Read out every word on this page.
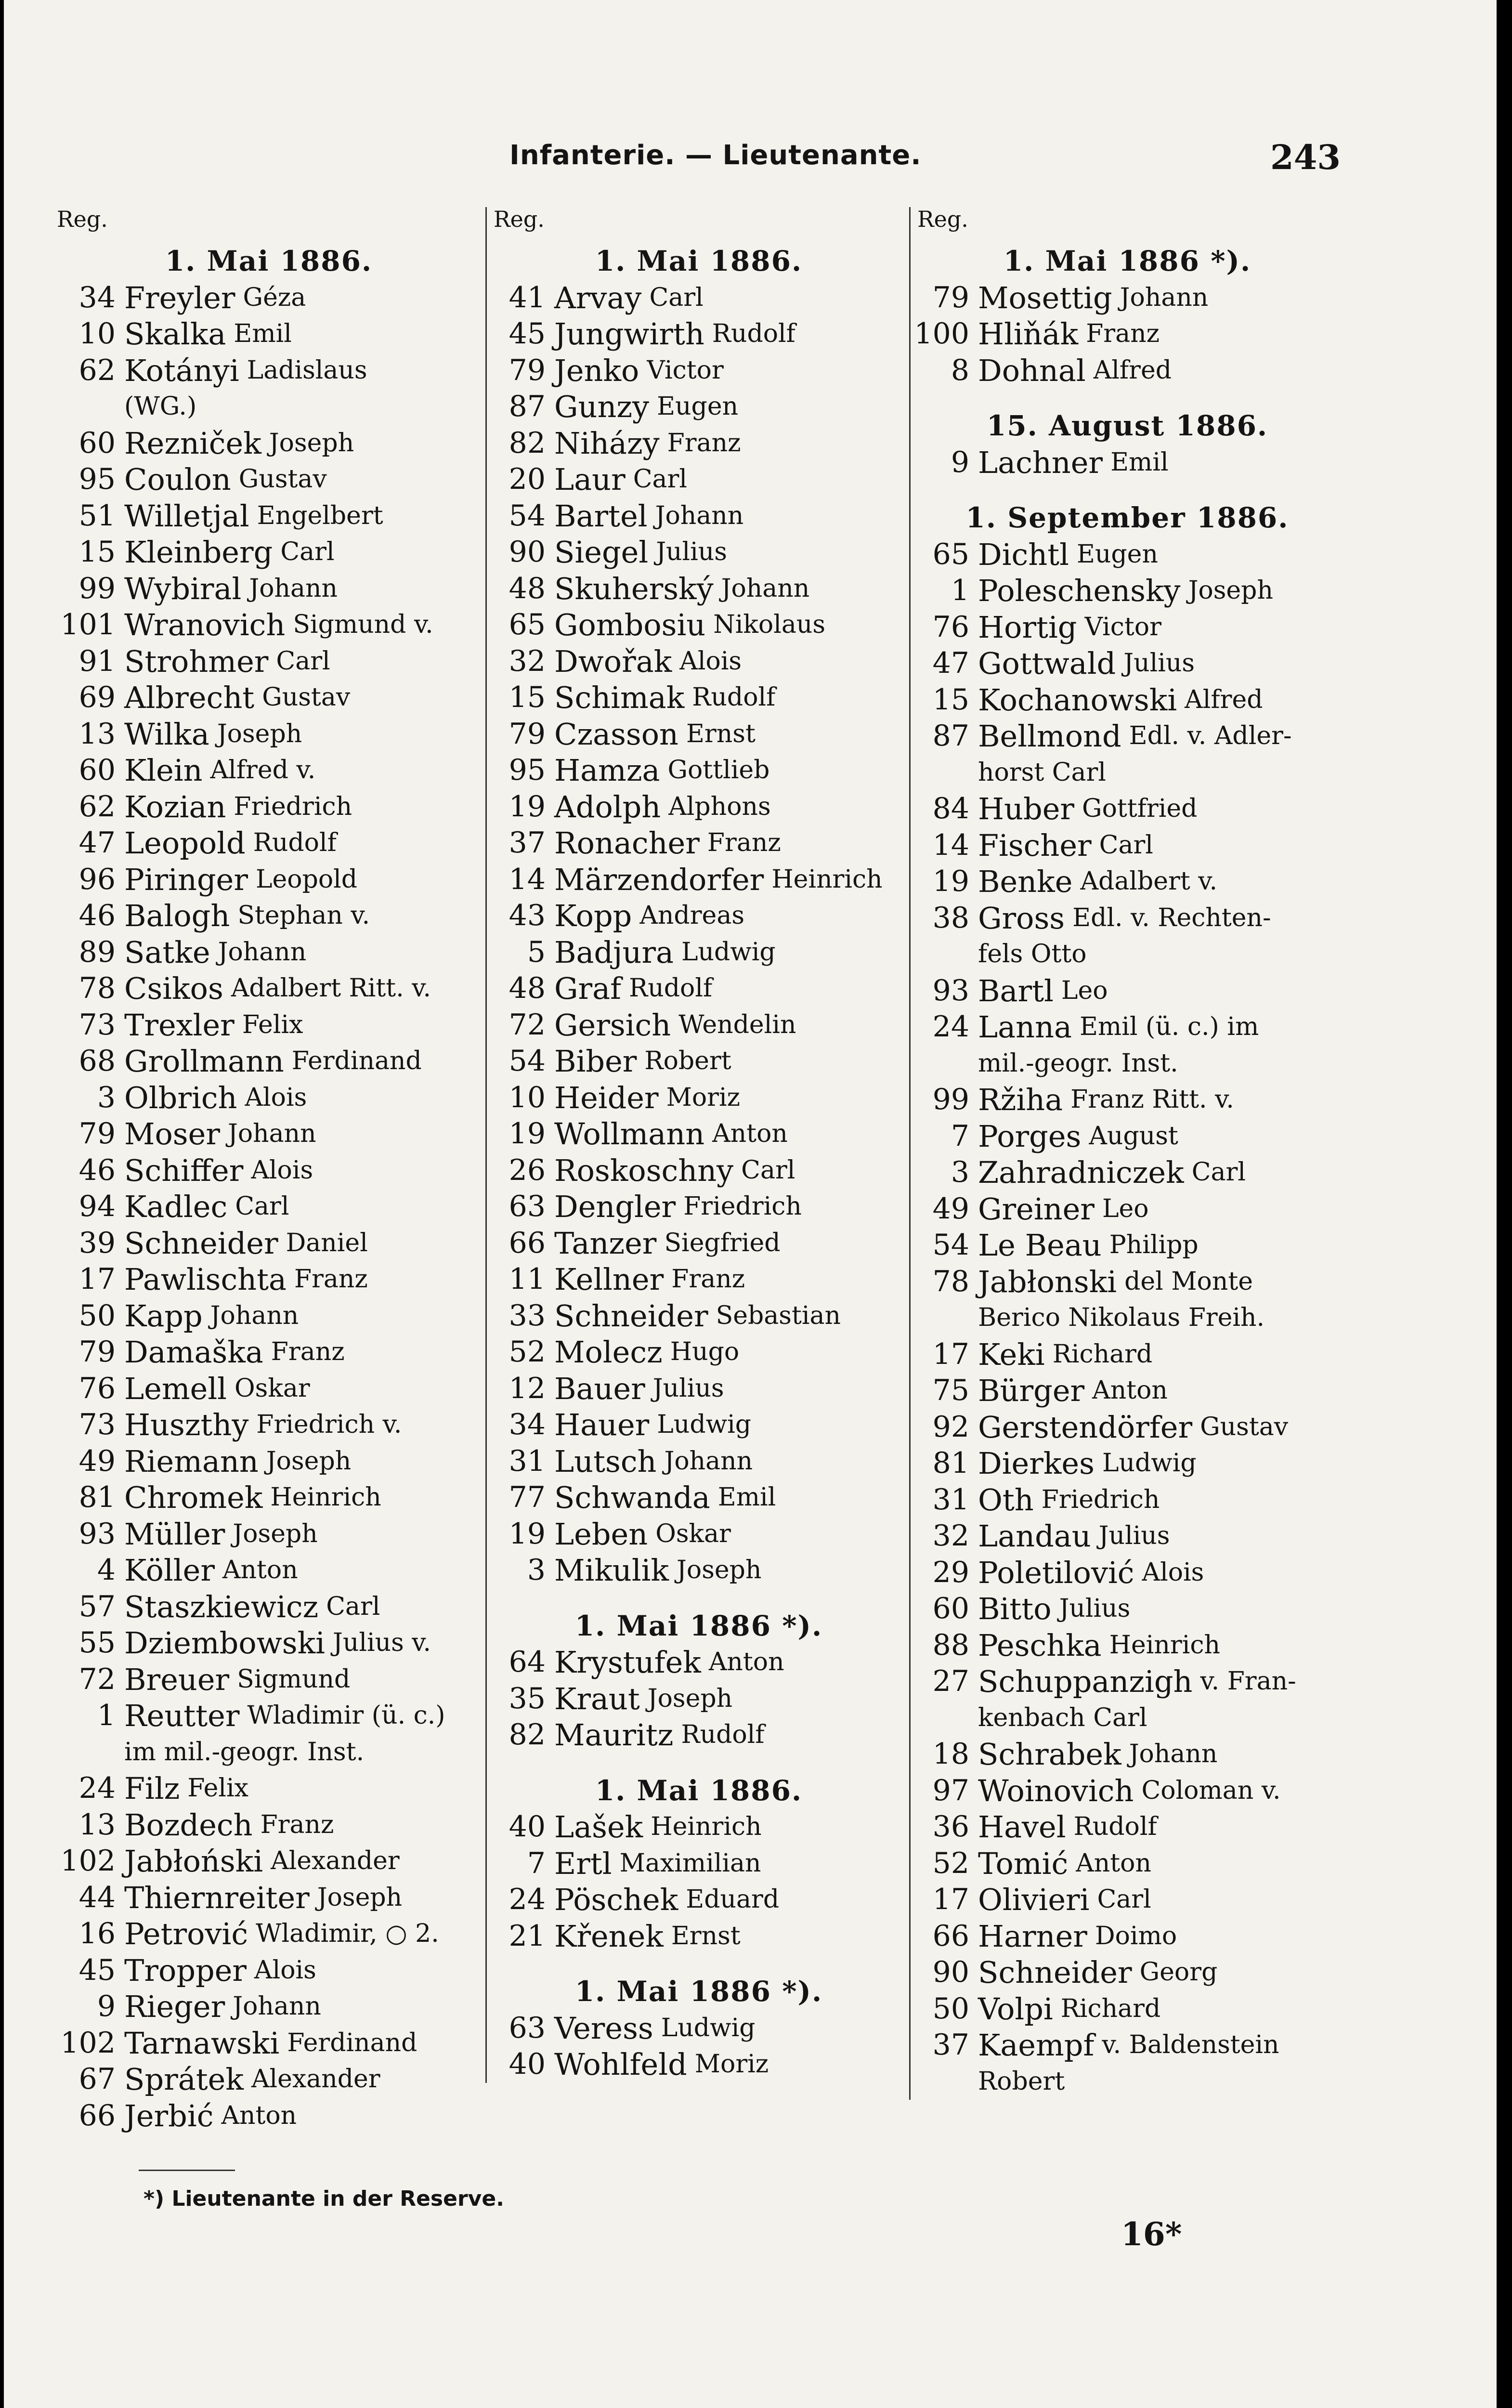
Infanterie. — Lieutenante.	243
Reg.
1. Mai 1886.
34 Freyler Géza
10 Skalka Emil
62 Kotányi Ladislaus
(WG.)
60 Rezniček Joseph
95 Coulon Gustav
51 Willetjal Engelbert
15 Kleinberg Carl
99 Wybiral Johann
101 Wranovich Sigmund v.
91 Strohmer Carl
69 Albrecht Gustav
13 Wilka Joseph
60 Klein Alfred v.
62 Kozian Friedrich
47 Leopold Rudolf
96 Piringer Leopold
46 Balogh Stephan v.
89 Satke Johann
78 Csikos Adalbert Ritt. v.
73 Trexler Felix
68 Grollmann Ferdinand
3 Olbrich Alois
79 Moser Johann
46 Schiffer Alois
94 Kadlec Carl
39 Schneider Daniel
17 Pawlischta Franz
50 Kapp Johann
79 Damaška Franz
76 Lemell Oskar
73 Huszthy Friedrich v.
49 Riemann Joseph
81 Chromek Heinrich
93 Müller Joseph
4 Köller Anton
57 Staszkiewicz Carl
55 Dziembowski Julius v.
72 Breuer Sigmund
1 Reutter Wladimir (ü. c.)
im mil.-geogr. Inst.
24 Filz Felix
13 Bozdech Franz
102 Jabłoński Alexander
44 Thiernreiter Joseph
16 Petrović Wladimir, ○ 2.
45 Tropper Alois
9 Rieger Johann
102 Tarnawski Ferdinand
67 Sprátek Alexander
66 Jerbić Anton
Reg.
1. Mai 1886.
41 Arvay Carl
45 Jungwirth Rudolf
79 Jenko Victor
87 Gunzy Eugen
82 Niházy Franz
20 Laur Carl
54 Bartel Johann
90 Siegel Julius
48 Skuherský Johann
65 Gombosiu Nikolaus
32 Dwořak Alois
15 Schimak Rudolf
79 Czasson Ernst
95 Hamza Gottlieb
19 Adolph Alphons
37 Ronacher Franz
14 Märzendorfer Heinrich
43 Kopp Andreas
5 Badjura Ludwig
48 Graf Rudolf
72 Gersich Wendelin
54 Biber Robert
10 Heider Moriz
19 Wollmann Anton
26 Roskoschny Carl
63 Dengler Friedrich
66 Tanzer Siegfried
11 Kellner Franz
33 Schneider Sebastian
52 Molecz Hugo
12 Bauer Julius
34 Hauer Ludwig
31 Lutsch Johann
77 Schwanda Emil
19 Leben Oskar
3 Mikulik Joseph
1. Mai 1886 *).
64 Krystufek Anton
35 Kraut Joseph
82 Mauritz Rudolf
1. Mai 1886.
40 Lašek Heinrich
7 Ertl Maximilian
24 Pöschek Eduard
21 Křenek Ernst
1. Mai 1886 *).
63 Veress Ludwig
40 Wohlfeld Moriz
Reg.
1. Mai 1886 *).
79 Mosettig Johann
100 Hliňák Franz
8 Dohnal Alfred
15. August 1886.
9 Lachner Emil
1. September 1886.
65 Dichtl Eugen
1 Poleschensky Joseph
76 Hortig Victor
47 Gottwald Julius
15 Kochanowski Alfred
87 Bellmond Edl. v. Adler-
horst Carl
84 Huber Gottfried
14 Fischer Carl
19 Benke Adalbert v.
38 Gross Edl. v. Rechten-
fels Otto
93 Bartl Leo
24 Lanna Emil (ü. c.) im
mil.-geogr. Inst.
99 Ržiha Franz Ritt. v.
7 Porges August
3 Zahradniczek Carl
49 Greiner Leo
54 Le Beau Philipp
78 Jabłonski del Monte
Berico Nikolaus Freih.
17 Keki Richard
75 Bürger Anton
92 Gerstendörfer Gustav
81 Dierkes Ludwig
31 Oth Friedrich
32 Landau Julius
29 Poletilović Alois
60 Bitto Julius
88 Peschka Heinrich
27 Schuppanzigh v. Fran-
kenbach Carl
18 Schrabek Johann
97 Woinovich Coloman v.
36 Havel Rudolf
52 Tomić Anton
17 Olivieri Carl
66 Harner Doimo
90 Schneider Georg
50 Volpi Richard
37 Kaempf v. Baldenstein
Robert
*) Lieutenante in der Reserve.
16*
